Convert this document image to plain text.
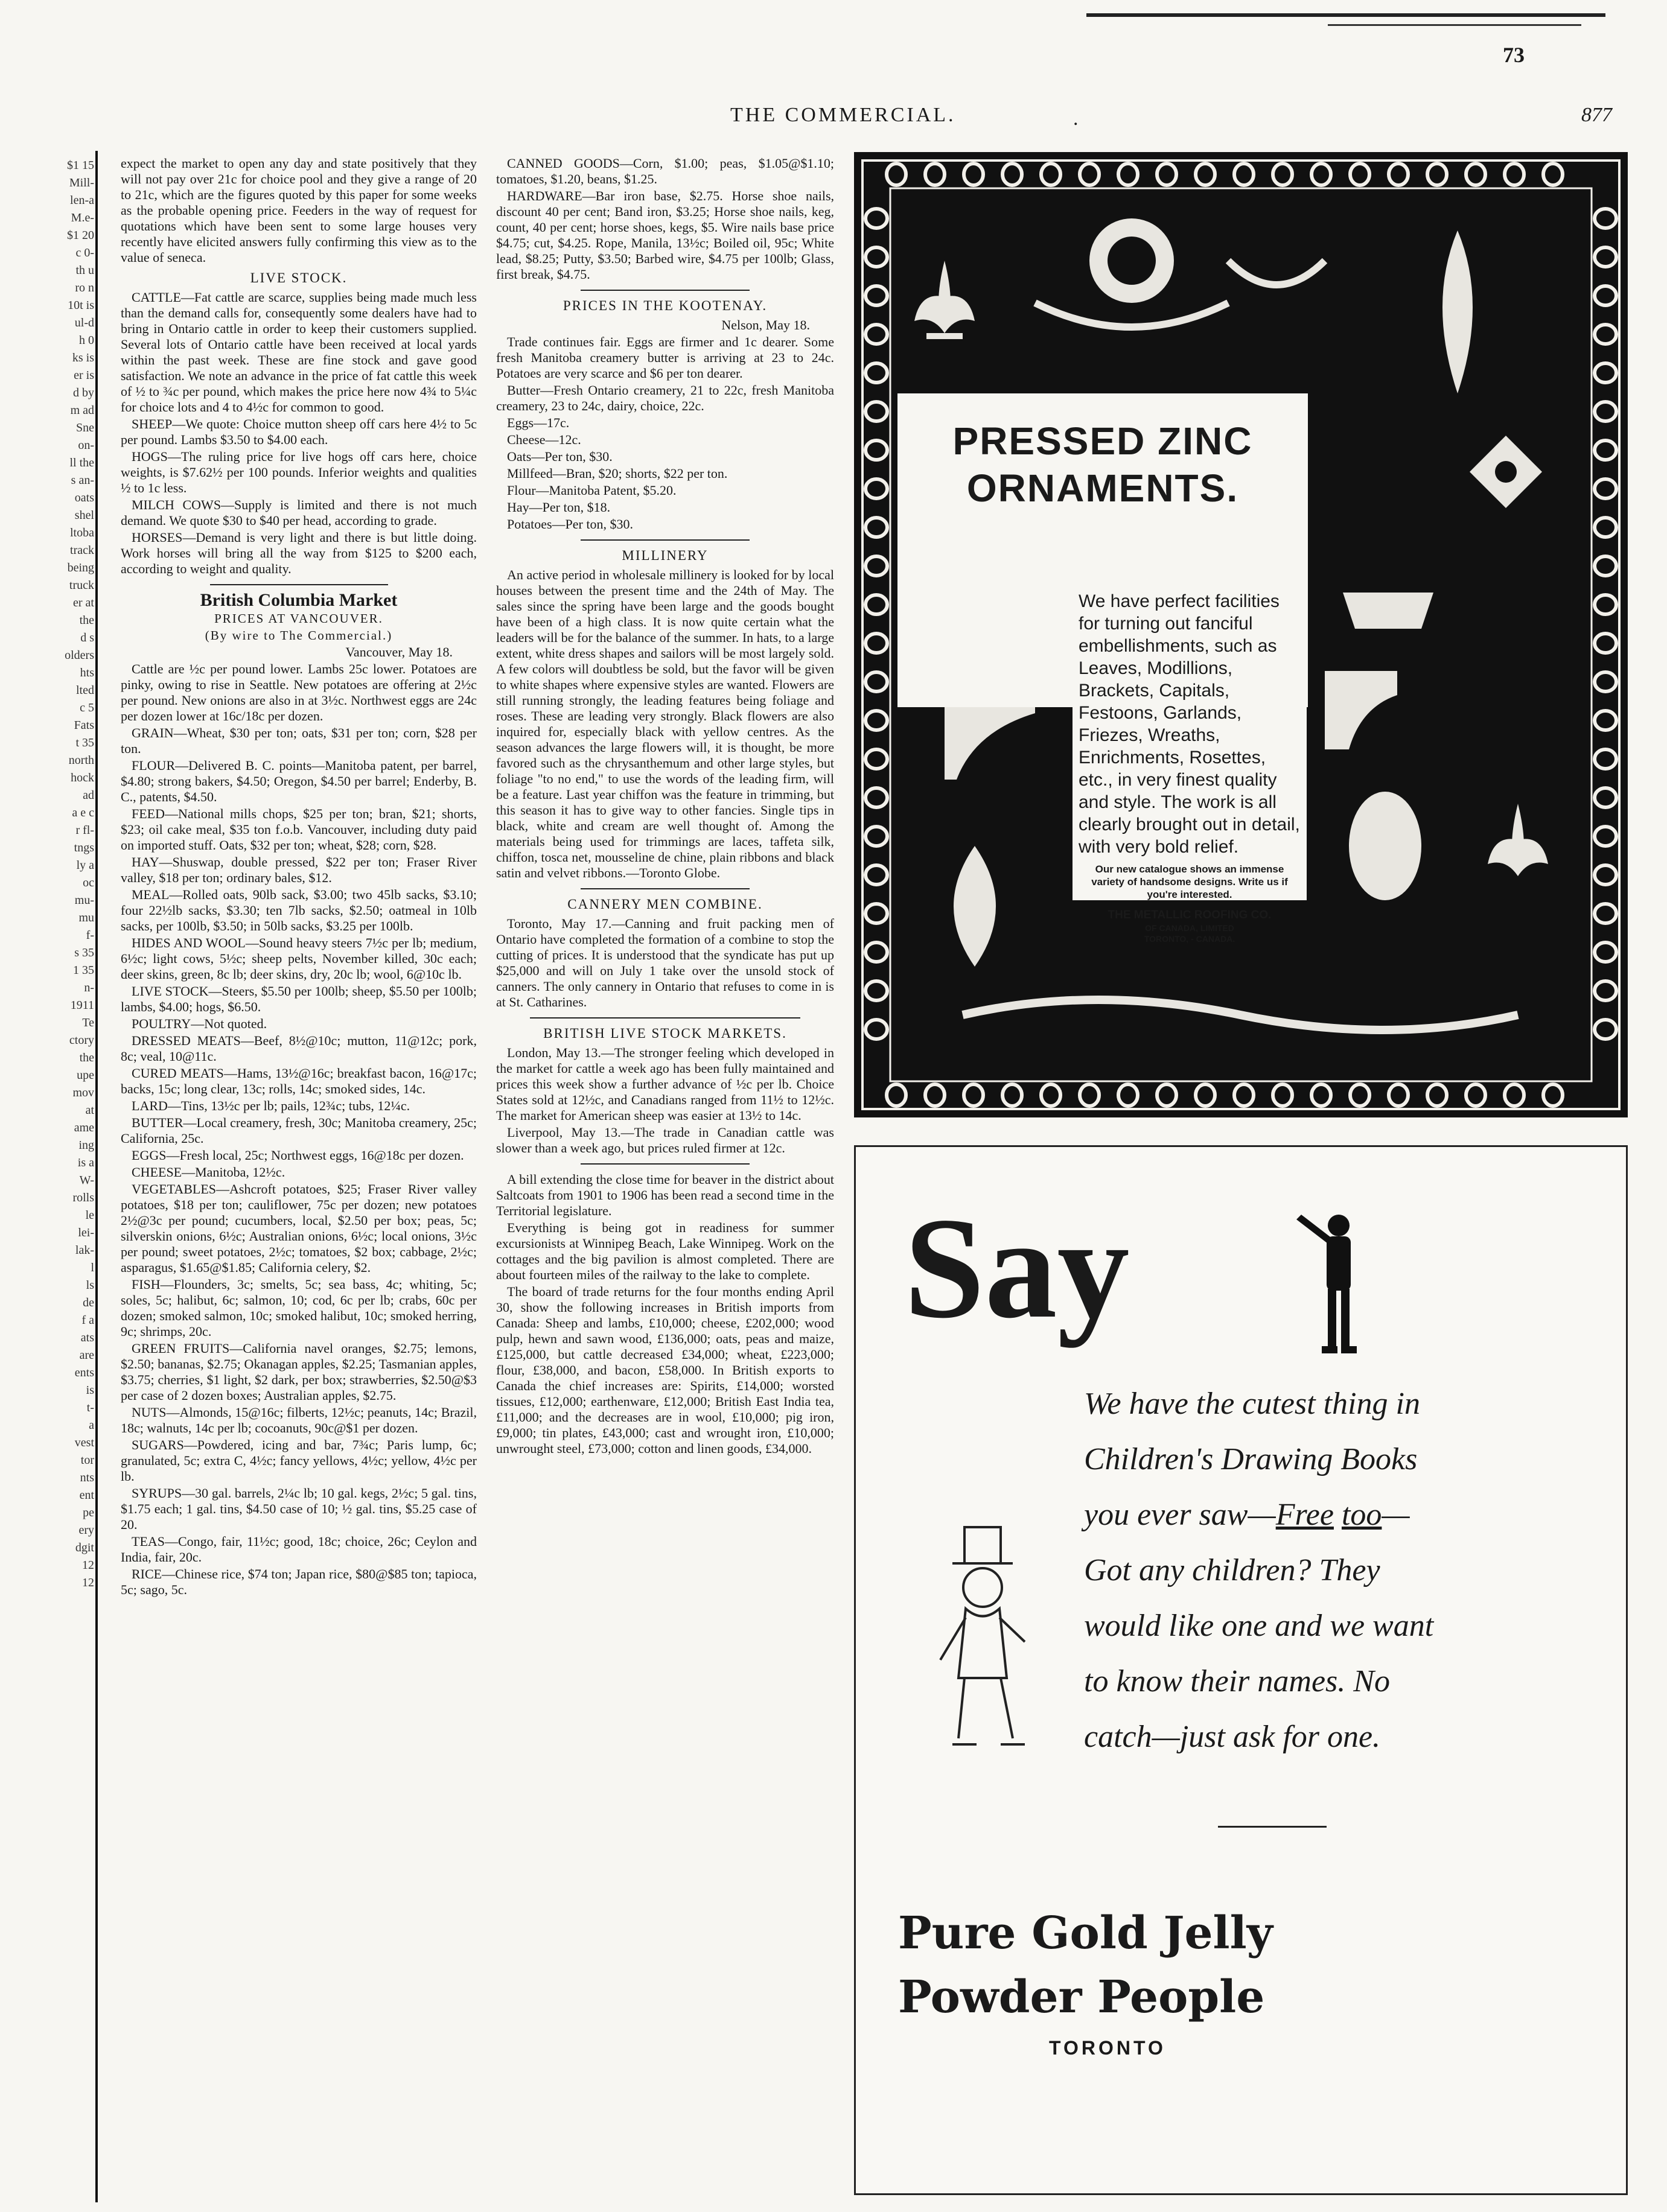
73
THE COMMERCIAL.	.	877
$1 15
Mill-
len-a
M.e-
$1 20
c 0-
th u
ro n
10t is
ul-d
h 0
ks is
er is
d by
m ad
Sne
on-
ll the
s an-
oats
shel
ltoba
track
being
truck
er at
the
d s
olders
hts
lted
c 5
Fats
t 35
north
hock
ad
a e c
r fl-
tngs
ly a
oc
mu-
mu
f-
s 35
1 35
n-
1911
Te
ctory
the
upe
mov
at
ame
ing
is a
W-
rolls
le
lei-
lak-
l
ls
de
f a
ats
are
ents
is
t-
a
vest
tor
nts
ent
pe
ery
dgit
12
12

expect the market to open any day and state positively that they will not pay over 21c for choice pool and they give a range of 20 to 21c, which are the figures quoted by this paper for some weeks as the probable opening price. Feeders in the way of request for quotations which have been sent to some large houses very recently have elicited answers fully confirming this view as to the value of seneca.

LIVE STOCK.

CATTLE—Fat cattle are scarce, supplies being made much less than the demand calls for, consequently some dealers have had to bring in Ontario cattle in order to keep their customers supplied. Several lots of Ontario cattle have been received at local yards within the past week. These are fine stock and gave good satisfaction. We note an advance in the price of fat cattle this week of ½ to ¾c per pound, which makes the price here now 4¾ to 5¼c for choice lots and 4 to 4½c for common to good.

SHEEP—We quote: Choice mutton sheep off cars here 4½ to 5c per pound. Lambs $3.50 to $4.00 each.

HOGS—The ruling price for live hogs off cars here, choice weights, is $7.62½ per 100 pounds. Inferior weights and qualities ½ to 1c less.

MILCH COWS—Supply is limited and there is not much demand. We quote $30 to $40 per head, according to grade.

HORSES—Demand is very light and there is but little doing. Work horses will bring all the way from $125 to $200 each, according to weight and quality.

British Columbia Market
PRICES AT VANCOUVER.
(By wire to The Commercial.)
Vancouver, May 18.

Cattle are ½c per pound lower. Lambs 25c lower. Potatoes are pinky, owing to rise in Seattle. New potatoes are offering at 2½c per pound. New onions are also in at 3½c. Northwest eggs are 24c per dozen lower at 16c/18c per dozen.

GRAIN—Wheat, $30 per ton; oats, $31 per ton; corn, $28 per ton.

FLOUR—Delivered B. C. points—Manitoba patent, per barrel, $4.80; strong bakers, $4.50; Oregon, $4.50 per barrel; Enderby, B. C., patents, $4.50.

FEED—National mills chops, $25 per ton; bran, $21; shorts, $23; oil cake meal, $35 ton f.o.b. Vancouver, including duty paid on imported stuff. Oats, $32 per ton; wheat, $28; corn, $28.

HAY—Shuswap, double pressed, $22 per ton; Fraser River valley, $18 per ton; ordinary bales, $12.

MEAL—Rolled oats, 90lb sack, $3.00; two 45lb sacks, $3.10; four 22½lb sacks, $3.30; ten 7lb sacks, $2.50; oatmeal in 10lb sacks, per 100lb, $3.50; in 50lb sacks, $3.25 per 100lb.

HIDES AND WOOL—Sound heavy steers 7½c per lb; medium, 6½c; light cows, 5½c; sheep pelts, November killed, 30c each; deer skins, green, 8c lb; deer skins, dry, 20c lb; wool, 6@10c lb.

LIVE STOCK—Steers, $5.50 per 100lb; sheep, $5.50 per 100lb; lambs, $4.00; hogs, $6.50.

POULTRY—Not quoted.

DRESSED MEATS—Beef, 8½@10c; mutton, 11@12c; pork, 8c; veal, 10@11c.

CURED MEATS—Hams, 13½@16c; breakfast bacon, 16@17c; backs, 15c; long clear, 13c; rolls, 14c; smoked sides, 14c.

LARD—Tins, 13½c per lb; pails, 12¾c; tubs, 12¼c.

BUTTER—Local creamery, fresh, 30c; Manitoba creamery, 25c; California, 25c.

EGGS—Fresh local, 25c; Northwest eggs, 16@18c per dozen.

CHEESE—Manitoba, 12½c.

VEGETABLES—Ashcroft potatoes, $25; Fraser River valley potatoes, $18 per ton; cauliflower, 75c per dozen; new potatoes 2½@3c per pound; cucumbers, local, $2.50 per box; peas, 5c; silverskin onions, 6½c; Australian onions, 6½c; local onions, 3½c per pound; sweet potatoes, 2½c; tomatoes, $2 box; cabbage, 2½c; asparagus, $1.65@$1.85; California celery, $2.

FISH—Flounders, 3c; smelts, 5c; sea bass, 4c; whiting, 5c; soles, 5c; halibut, 6c; salmon, 10; cod, 6c per lb; crabs, 60c per dozen; smoked salmon, 10c; smoked halibut, 10c; smoked herring, 9c; shrimps, 20c.

GREEN FRUITS—California navel oranges, $2.75; lemons, $2.50; bananas, $2.75; Okanagan apples, $2.25; Tasmanian apples, $3.75; cherries, $1 light, $2 dark, per box; strawberries, $2.50@$3 per case of 2 dozen boxes; Australian apples, $2.75.

NUTS—Almonds, 15@16c; filberts, 12½c; peanuts, 14c; Brazil, 18c; walnuts, 14c per lb; cocoanuts, 90c@$1 per dozen.

SUGARS—Powdered, icing and bar, 7¾c; Paris lump, 6c; granulated, 5c; extra C, 4½c; fancy yellows, 4½c; yellow, 4½c per lb.

SYRUPS—30 gal. barrels, 2¼c lb; 10 gal. kegs, 2½c; 5 gal. tins, $1.75 each; 1 gal. tins, $4.50 case of 10; ½ gal. tins, $5.25 case of 20.

TEAS—Congo, fair, 11½c; good, 18c; choice, 26c; Ceylon and India, fair, 20c.

RICE—Chinese rice, $74 ton; Japan rice, $80@$85 ton; tapioca, 5c; sago, 5c.

CANNED GOODS—Corn, $1.00; peas, $1.05@$1.10; tomatoes, $1.20, beans, $1.25.

HARDWARE—Bar iron base, $2.75. Horse shoe nails, discount 40 per cent; Band iron, $3.25; Horse shoe nails, keg, count, 40 per cent; horse shoes, kegs, $5. Wire nails base price $4.75; cut, $4.25. Rope, Manila, 13½c; Boiled oil, 95c; White lead, $8.25; Putty, $3.50; Barbed wire, $4.75 per 100lb; Glass, first break, $4.75.

PRICES IN THE KOOTENAY.
Nelson, May 18.

Trade continues fair. Eggs are firmer and 1c dearer. Some fresh Manitoba creamery butter is arriving at 23 to 24c. Potatoes are very scarce and $6 per ton dearer.

Butter—Fresh Ontario creamery, 21 to 22c, fresh Manitoba creamery, 23 to 24c, dairy, choice, 22c.

Eggs—17c.

Cheese—12c.

Oats—Per ton, $30.

Millfeed—Bran, $20; shorts, $22 per ton.

Flour—Manitoba Patent, $5.20.

Hay—Per ton, $18.

Potatoes—Per ton, $30.

MILLINERY

An active period in wholesale millinery is looked for by local houses between the present time and the 24th of May. The sales since the spring have been large and the goods bought have been of a high class. It is now quite certain what the leaders will be for the balance of the summer. In hats, to a large extent, white dress shapes and sailors will be most largely sold. A few colors will doubtless be sold, but the favor will be given to white shapes where expensive styles are wanted. Flowers are still running strongly, the leading features being foliage and roses. These are leading very strongly. Black flowers are also inquired for, especially black with yellow centres. As the season advances the large flowers will, it is thought, be more favored such as the chrysanthemum and other large styles, but foliage "to no end," to use the words of the leading firm, will be a feature. Last year chiffon was the feature in trimming, but this season it has to give way to other fancies. Single tips in black, white and cream are well thought of. Among the materials being used for trimmings are laces, taffeta silk, chiffon, tosca net, mousseline de chine, plain ribbons and black satin and velvet ribbons.—Toronto Globe.

CANNERY MEN COMBINE.

Toronto, May 17.—Canning and fruit packing men of Ontario have completed the formation of a combine to stop the cutting of prices. It is understood that the syndicate has put up $25,000 and will on July 1 take over the unsold stock of canners. The only cannery in Ontario that refuses to come in is at St. Catharines.

BRITISH LIVE STOCK MARKETS.

London, May 13.—The stronger feeling which developed in the market for cattle a week ago has been fully maintained and prices this week show a further advance of ½c per lb. Choice States sold at 12½c, and Canadians ranged from 11½ to 12½c. The market for American sheep was easier at 13½ to 14c.

Liverpool, May 13.—The trade in Canadian cattle was slower than a week ago, but prices ruled firmer at 12c.

A bill extending the close time for beaver in the district about Saltcoats from 1901 to 1906 has been read a second time in the Territorial legislature.

Everything is being got in readiness for summer excursionists at Winnipeg Beach, Lake Winnipeg. Work on the cottages and the big pavilion is almost completed. There are about fourteen miles of the railway to the lake to complete.

The board of trade returns for the four months ending April 30, show the following increases in British imports from Canada: Sheep and lambs, £10,000; cheese, £202,000; wood pulp, hewn and sawn wood, £136,000; oats, peas and maize, £125,000, but cattle decreased £34,000; wheat, £223,000; flour, £38,000, and bacon, £58,000. In British exports to Canada the chief increases are: Spirits, £14,000; worsted tissues, £12,000; earthenware, £12,000; British East India tea, £11,000; and the decreases are in wool, £10,000; pig iron, £9,000; tin plates, £43,000; cast and wrought iron, £10,000; unwrought steel, £73,000; cotton and linen goods, £34,000.

PRESSED ZINC
ORNAMENTS.
We have perfect facilities for turning out fanciful embellishments, such as Leaves, Modillions, Brackets, Capitals, Festoons, Garlands, Friezes, Wreaths, Enrichments, Rosettes, etc., in very finest quality and style. The work is all clearly brought out in detail, with very bold relief.
Our new catalogue shows an immense variety of handsome designs. Write us if you're interested.
THE METALLIC ROOFING CO.
OF CANADA, LIMITED
TORONTO, - CANADA.
Say
We have the cutest thing in
Children's Drawing Books
you ever saw—Free too—
Got any children? They
would like one and we want
to know their names. No
catch—just ask for one.
Pure Gold Jelly
Powder People
TORONTO
